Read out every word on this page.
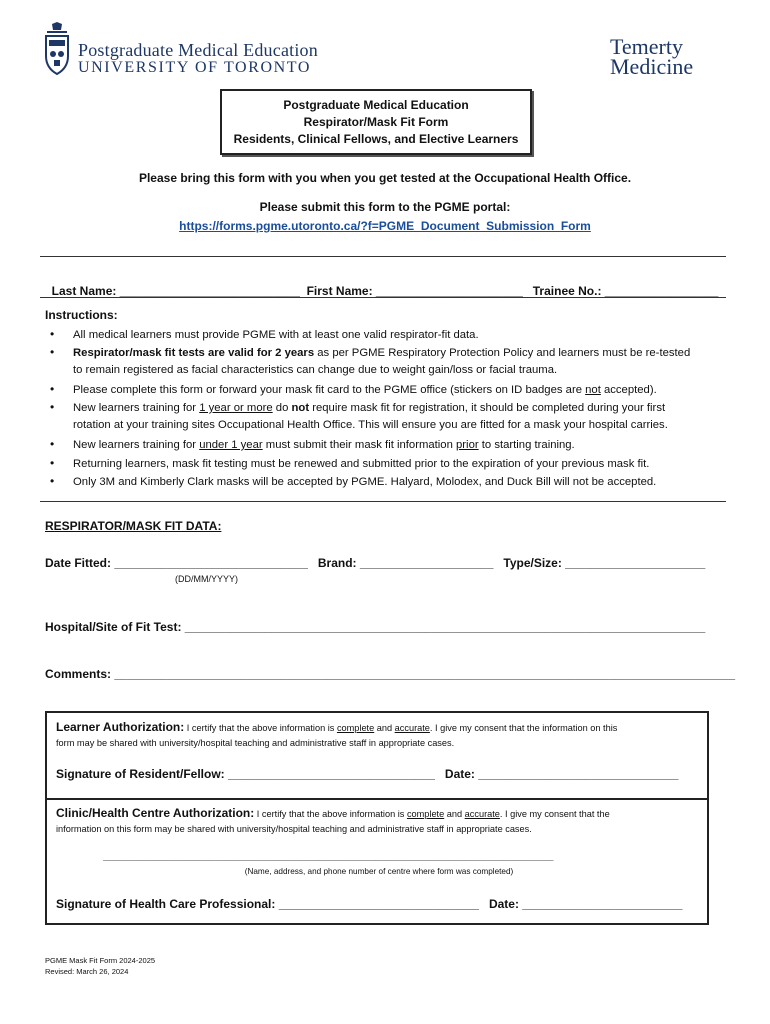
Postgraduate Medical Education
UNIVERSITY OF TORONTO
Temerty
Medicine
Postgraduate Medical Education
Respirator/Mask Fit Form
Residents, Clinical Fellows, and Elective Learners
Please bring this form with you when you get tested at the Occupational Health Office.
Please submit this form to the PGME portal:
https://forms.pgme.utoronto.ca/?f=PGME_Document_Submission_Form

Last Name: ___________________________ First Name: ______________________ Trainee No.: _________________

Instructions:
• All medical learners must provide PGME with at least one valid respirator-fit data.
• Respirator/mask fit tests are valid for 2 years as per PGME Respiratory Protection Policy and learners must be re-tested
to remain registered as facial characteristics can change due to weight gain/loss or facial trauma.
• Please complete this form or forward your mask fit card to the PGME office (stickers on ID badges are not accepted).
• New learners training for 1 year or more do not require mask fit for registration, it should be completed during your first
rotation at your training sites Occupational Health Office. This will ensure you are fitted for a mask your hospital carries.
• New learners training for under 1 year must submit their mask fit information prior to starting training.
• Returning learners, mask fit testing must be renewed and submitted prior to the expiration of your previous mask fit.
• Only 3M and Kimberly Clark masks will be accepted by PGME. Halyard, Molodex, and Duck Bill will not be accepted.
RESPIRATOR/MASK FIT DATA:
Date Fitted: _____________________________ Brand: ____________________ Type/Size: _____________________
(DD/MM/YYYY)
Hospital/Site of Fit Test: ______________________________________________________________________________
Comments: _____________________________________________________________________________________________
Learner Authorization: I certify that the above information is complete and accurate. I give my consent that the information on this
form may be shared with university/hospital teaching and administrative staff in appropriate cases.
Signature of Resident/Fellow: _______________________________ Date: ______________________________
Clinic/Health Centre Authorization: I certify that the above information is complete and accurate. I give my consent that the
information on this form may be shared with university/hospital teaching and administrative staff in appropriate cases.
_________________________________________________________________________________
(Name, address, and phone number of centre where form was completed)
Signature of Health Care Professional: ______________________________ Date: ________________________
PGME Mask Fit Form 2024-2025
Revised: March 26, 2024
